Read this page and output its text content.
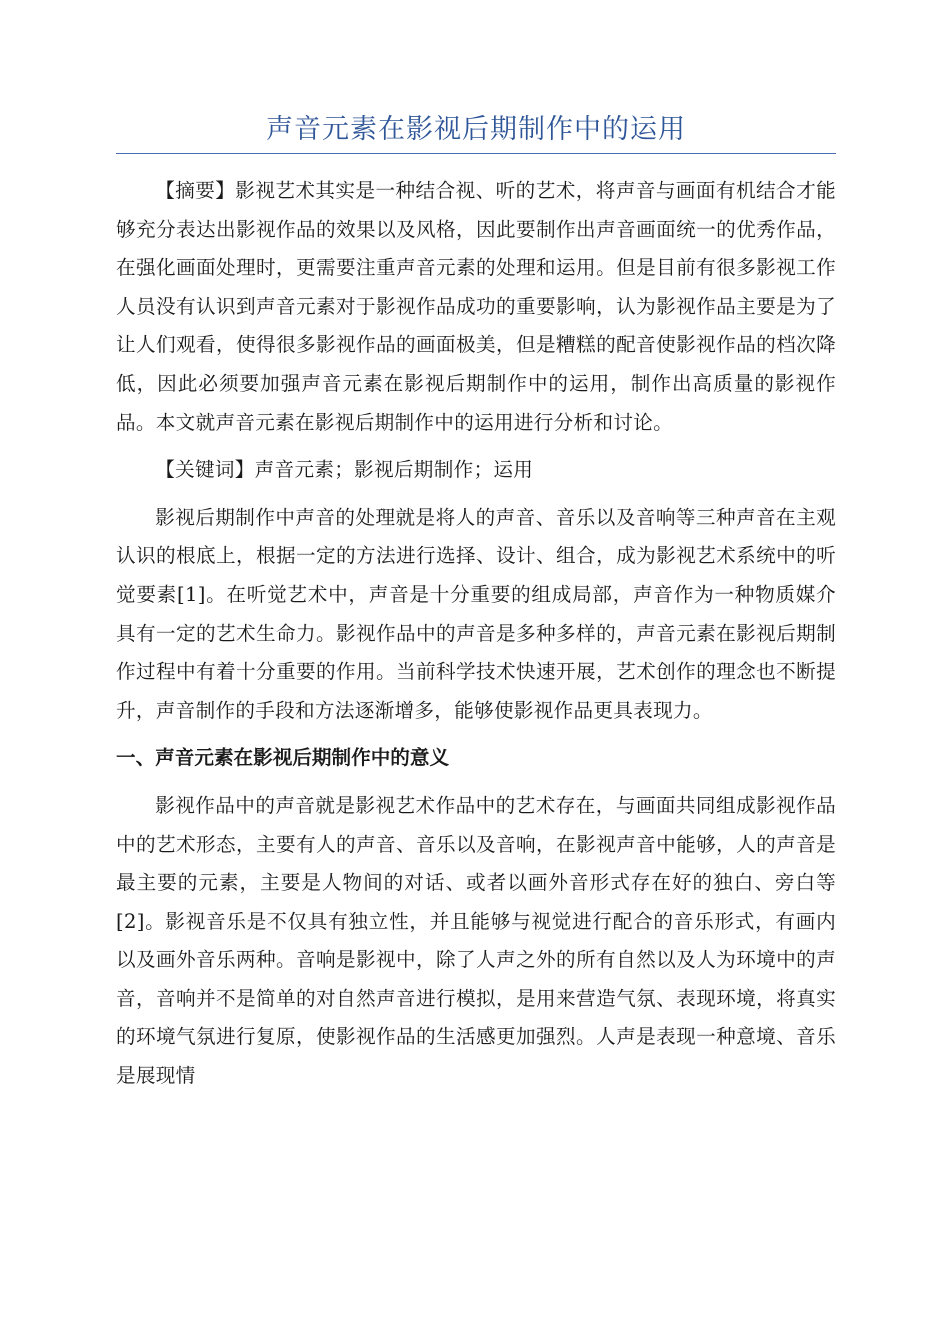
声音元素在影视后期制作中的运用

【摘要】影视艺术其实是一种结合视、听的艺术，将声音与画面有机结合才能够充分表达出影视作品的效果以及风格，因此要制作出声音画面统一的优秀作品，在强化画面处理时，更需要注重声音元素的处理和运用。但是目前有很多影视工作人员没有认识到声音元素对于影视作品成功的重要影响，认为影视作品主要是为了让人们观看，使得很多影视作品的画面极美，但是糟糕的配音使影视作品的档次降低，因此必须要加强声音元素在影视后期制作中的运用，制作出高质量的影视作品。本文就声音元素在影视后期制作中的运用进行分析和讨论。

【关键词】声音元素；影视后期制作；运用

影视后期制作中声音的处理就是将人的声音、音乐以及音响等三种声音在主观认识的根底上，根据一定的方法进行选择、设计、组合，成为影视艺术系统中的听觉要素[1]。在听觉艺术中，声音是十分重要的组成局部，声音作为一种物质媒介具有一定的艺术生命力。影视作品中的声音是多种多样的，声音元素在影视后期制作过程中有着十分重要的作用。当前科学技术快速开展，艺术创作的理念也不断提升，声音制作的手段和方法逐渐增多，能够使影视作品更具表现力。

一、声音元素在影视后期制作中的意义

影视作品中的声音就是影视艺术作品中的艺术存在，与画面共同组成影视作品中的艺术形态，主要有人的声音、音乐以及音响，在影视声音中能够，人的声音是最主要的元素，主要是人物间的对话、或者以画外音形式存在好的独白、旁白等[2]。影视音乐是不仅具有独立性，并且能够与视觉进行配合的音乐形式，有画内以及画外音乐两种。音响是影视中，除了人声之外的所有自然以及人为环境中的声音，音响并不是简单的对自然声音进行模拟，是用来营造气氛、表现环境，将真实的环境气氛进行复原，使影视作品的生活感更加强烈。人声是表现一种意境、音乐是展现情
